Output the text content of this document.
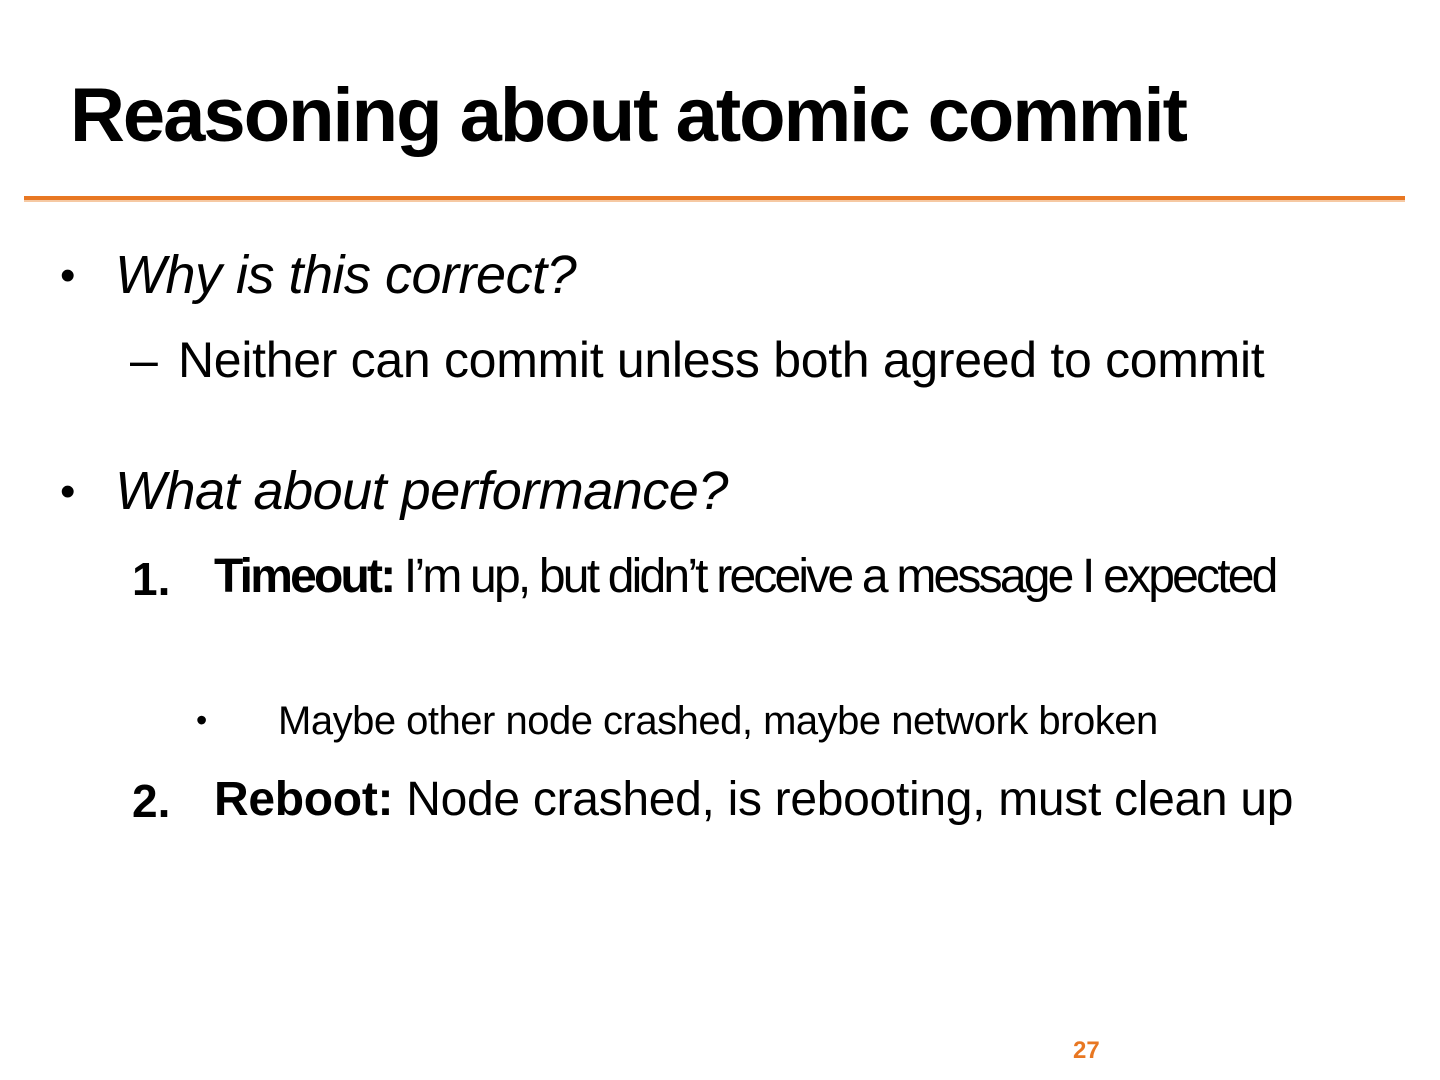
Reasoning about atomic commit
• Why is this correct?
– Neither can commit unless both agreed to commit
• What about performance?
1. Timeout: I’m up, but didn’t receive a message I expected
• Maybe other node crashed, maybe network broken
2. Reboot: Node crashed, is rebooting, must clean up
27
